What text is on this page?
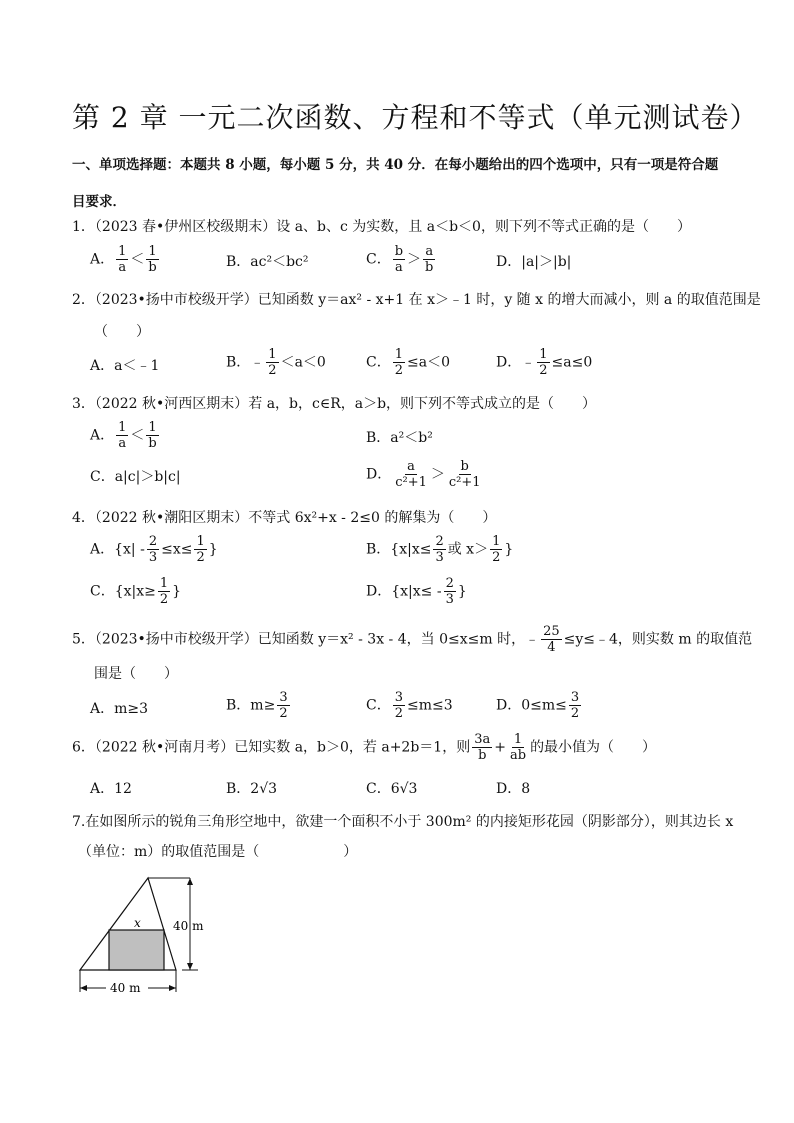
第 2 章 一元二次函数、方程和不等式（单元测试卷）
一、单项选择题：本题共 8 小题，每小题 5 分，共 40 分．在每小题给出的四个选项中，只有一项是符合题
目要求．
1．（2023 春•伊州区校级期末）设 a、b、c 为实数，且 a＜b＜0，则下列不等式正确的是（　　）
A． $\frac{1}{a} < \frac{1}{b}$	B．ac²＜bc²	C． $\frac{b}{a} > \frac{a}{b}$	D．|a|＞|b|
2．（2023•扬中市校级开学）已知函数 y＝ax² - x+1 在 x＞﹣1 时，y 随 x 的增大而减小，则 a 的取值范围是
（　　）
A．a＜﹣1	B．﹣ $\frac{1}{2} <a<0$	C． $\frac{1}{2} \le a<0$	D．﹣ $\frac{1}{2} \le a\le 0$
3．（2022 秋•河西区期末）若 a，b，c∈R，a＞b，则下列不等式成立的是（　　）
A． $\frac{1}{a} < \frac{1}{b}$	B．a²＜b²
C．a|c|＞b|c|	D． $\frac{a}{\text{c²+1}} > \frac{b}{\text{c²+1}}$
4．（2022 秋•潮阳区期末）不等式 6x²+x - 2≤0 的解集为（　　）
A．{$x| - \frac{2}{3} \le x\le \frac{1}{2}$ }	B．{$x|x\le \frac{2}{3}$ 或 $x> \frac{1}{2}$ }
C．{$x|x\ge \frac{1}{2}$ }	D．{$x|x\le - \frac{2}{3}$ }
5．（2023•扬中市校级开学）已知函数 y＝x² - 3x - 4，当 0≤x≤m 时，﹣ $\frac{25}{4}$ ≤y≤﹣4，则实数 m 的取值范
围是（　　）
A．m≥3	B．$m\ge \frac{3}{2}$	C． $\frac{3}{2} \le m\le 3$	D．$0\le m\le \frac{3}{2}$
6．（2022 秋•河南月考）已知实数 a，b＞0，若 a+2b＝1，则 $\frac{3a}{b} + \frac{1}{ab}$ 的最小值为（　　）
A．12	B．2√3	C．6√3	D．8
7.在如图所示的锐角三角形空地中，欲建一个面积不小于 300m² 的内接矩形花园（阴影部分），则其边长 x
（单位：m）的取值范围是（　　　　　　）
x	40 m
40 m
